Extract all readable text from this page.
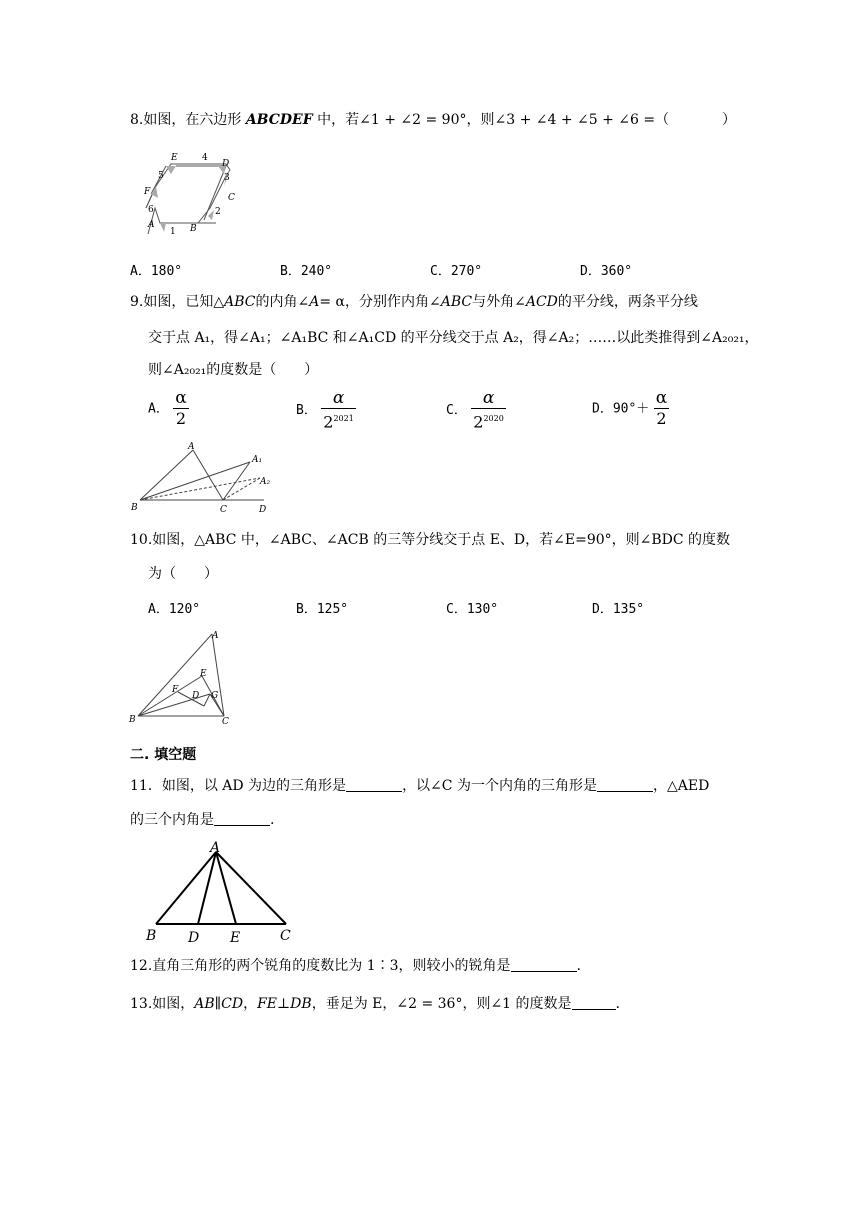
8.如图，在六边形 ABCDEF 中，若∠1 + ∠2 = 90°，则∠3 + ∠4 + ∠5 + ∠6 =（	）
E	4
D
5	3
F
C
2
6
A
1 B
A．180°	B．240°	C．270°	D．360°
9.如图，已知△ABC的内角∠A= α，分别作内角∠ABC与外角∠ACD的平分线，两条平分线
交于点 A₁，得∠A₁；∠A₁BC 和∠A₁CD 的平分线交于点 A₂，得∠A₂；……以此类推得到∠A₂₀₂₁，
则∠A₂₀₂₁的度数是（　　）
A． $\frac{\alpha}{2}$	B． $\frac{\alpha}{2^{2021}}$	C． $\frac{\alpha}{2^{2020}}$	D．$90^\circ+ \frac{\alpha}{2}$
A
A₁
A₂
B	C	D
10.如图，△ABC 中，∠ABC、∠ACB 的三等分线交于点 E、D，若∠E=90°，则∠BDC 的度数
为（　　）
A．120°	B．125°	C．130°	D．135°
A
E
F
D G
B	C
二. 填空题
11．如图，以 AD 为边的三角形是	，以∠C 为一个内角的三角形是	，△AED
的三个内角是	.
A
B D E	C
12.直角三角形的两个锐角的度数比为 1∶3，则较小的锐角是	.
13.如图，AB∥CD，FE⊥DB，垂足为 E，∠2 = 36°，则∠1 的度数是	.
